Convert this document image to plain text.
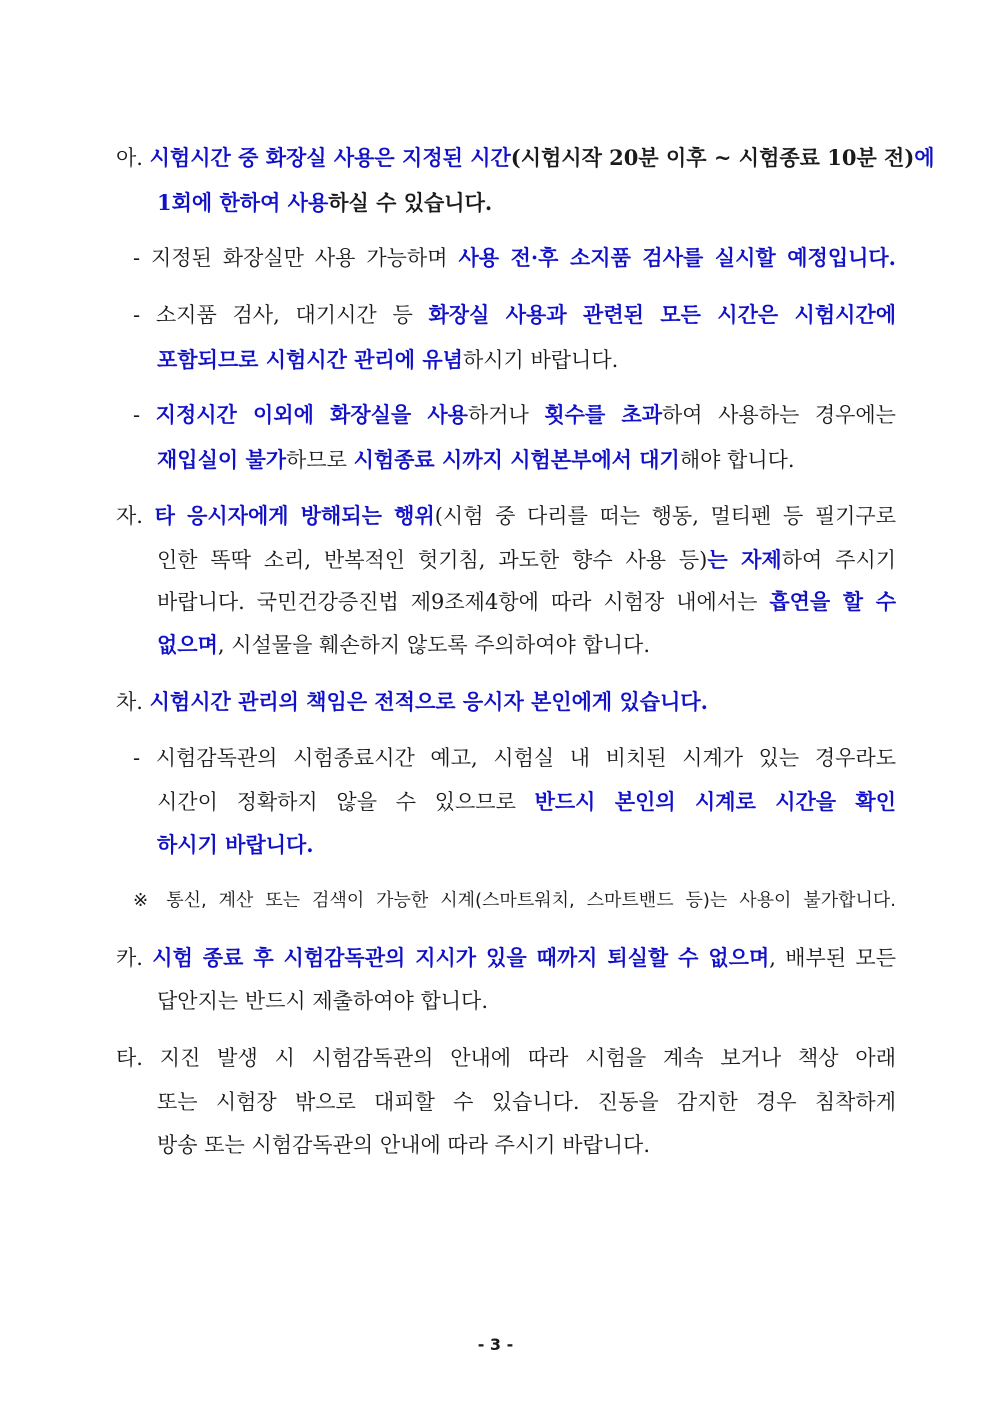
아. 시험시간 중 화장실 사용은 지정된 시간(시험시작 20분 이후 ~ 시험종료 10분 전)에
1회에 한하여 사용하실 수 있습니다.
- 지정된 화장실만 사용 가능하며 사용 전·후 소지품 검사를 실시할 예정입니다.
- 소지품 검사, 대기시간 등 화장실 사용과 관련된 모든 시간은 시험시간에
포함되므로 시험시간 관리에 유념하시기 바랍니다.
- 지정시간 이외에 화장실을 사용하거나 횟수를 초과하여 사용하는 경우에는
재입실이 불가하므로 시험종료 시까지 시험본부에서 대기해야 합니다.
자. 타 응시자에게 방해되는 행위(시험 중 다리를 떠는 행동, 멀티펜 등 필기구로
인한 똑딱 소리, 반복적인 헛기침, 과도한 향수 사용 등)는 자제하여 주시기
바랍니다. 국민건강증진법 제9조제4항에 따라 시험장 내에서는 흡연을 할 수
없으며, 시설물을 훼손하지 않도록 주의하여야 합니다.
차. 시험시간 관리의 책임은 전적으로 응시자 본인에게 있습니다.
- 시험감독관의 시험종료시간 예고, 시험실 내 비치된 시계가 있는 경우라도
시간이 정확하지 않을 수 있으므로 반드시 본인의 시계로 시간을 확인
하시기 바랍니다.
※ 통신, 계산 또는 검색이 가능한 시계(스마트워치, 스마트밴드 등)는 사용이 불가합니다.
카. 시험 종료 후 시험감독관의 지시가 있을 때까지 퇴실할 수 없으며, 배부된 모든
답안지는 반드시 제출하여야 합니다.
타. 지진 발생 시 시험감독관의 안내에 따라 시험을 계속 보거나 책상 아래
또는 시험장 밖으로 대피할 수 있습니다. 진동을 감지한 경우 침착하게
방송 또는 시험감독관의 안내에 따라 주시기 바랍니다.
- 3 -
